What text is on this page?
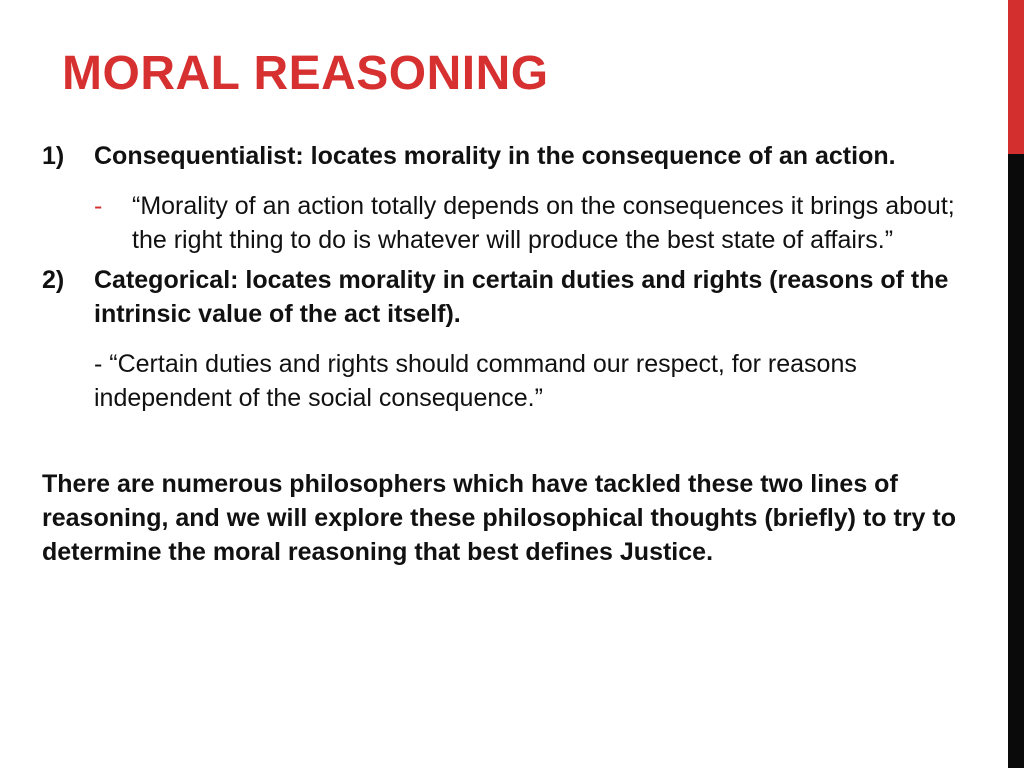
MORAL REASONING
1) Consequentialist: locates morality in the consequence of an action.
- “Morality of an action totally depends on the consequences it brings about; the right thing to do is whatever will produce the best state of affairs.”
2) Categorical: locates morality in certain duties and rights (reasons of the intrinsic value of the act itself).
- “Certain duties and rights should command our respect, for reasons independent of the social consequence.”
There are numerous philosophers which have tackled these two lines of reasoning, and we will explore these philosophical thoughts (briefly) to try to determine the moral reasoning that best defines Justice.
